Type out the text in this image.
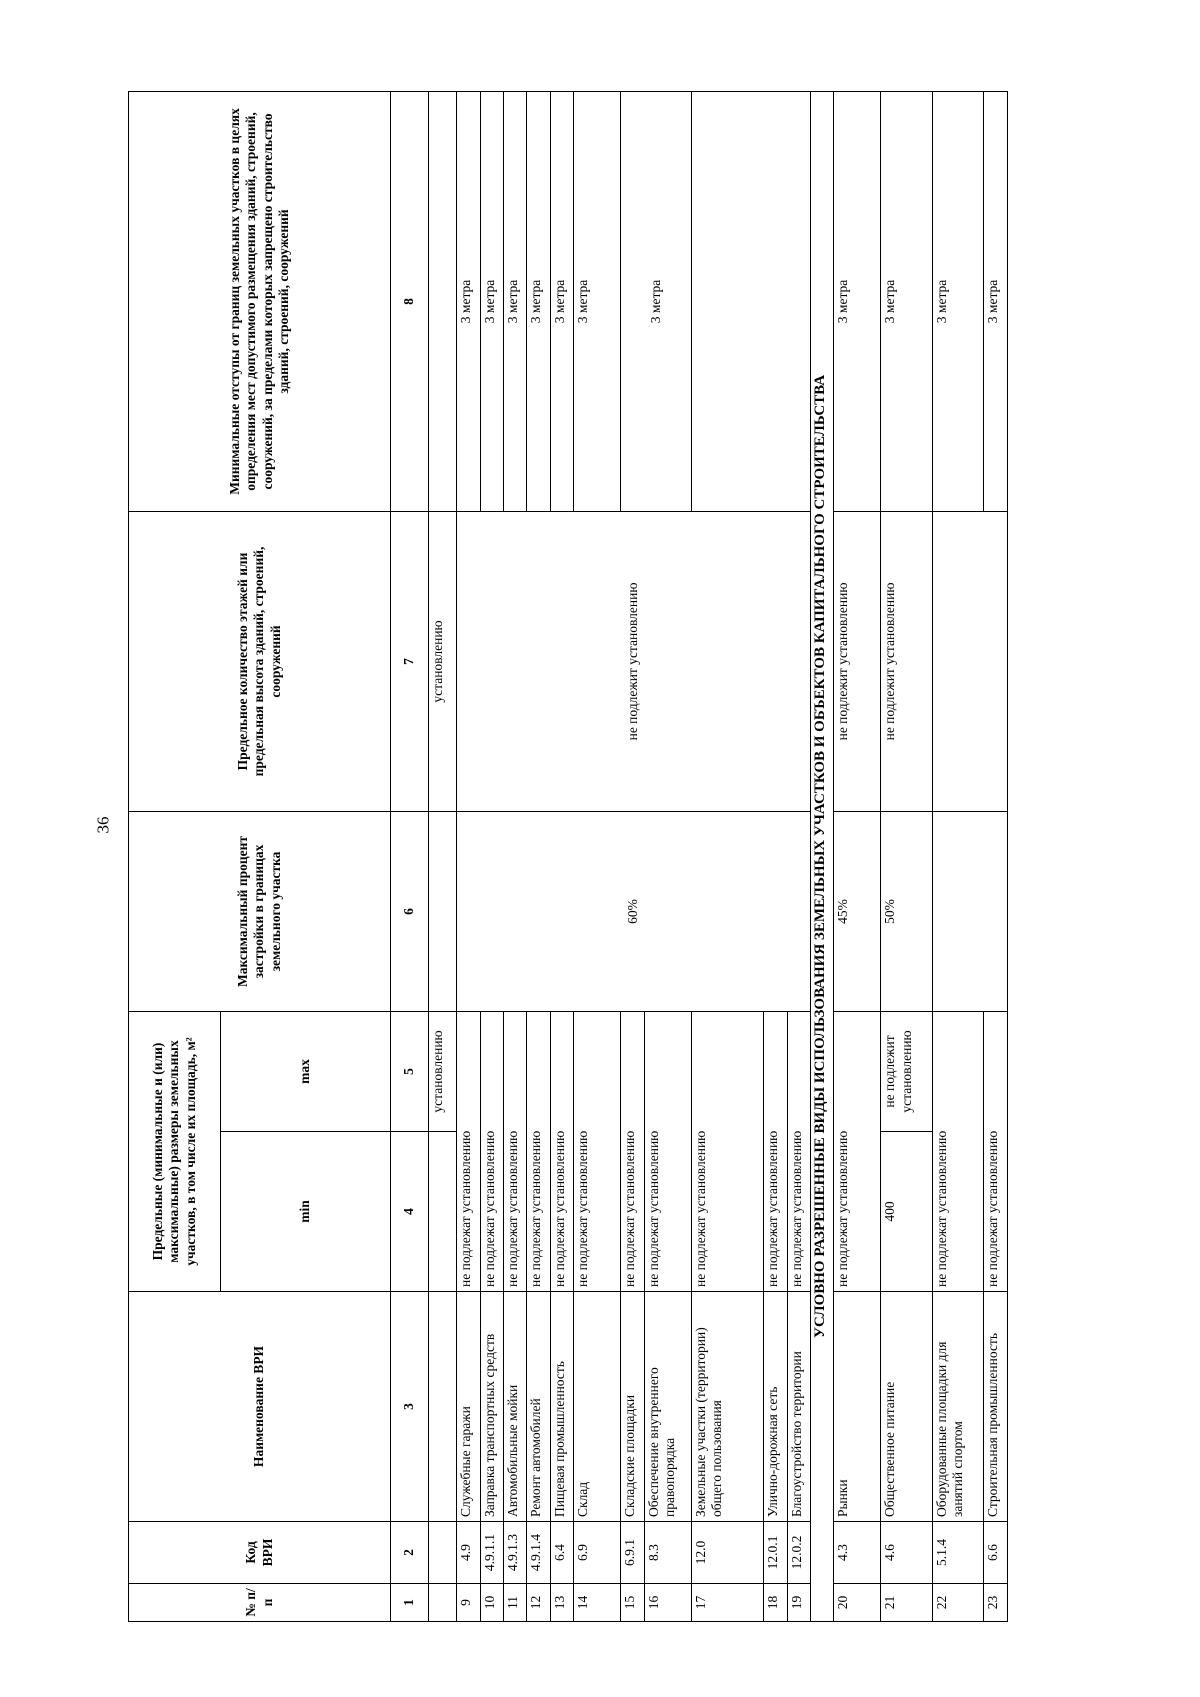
36
№ п/п	Код ВРИ	Наименование ВРИ	Предельные (минимальные и (или) максимальные) размеры земельных участков, в том числе их площадь, м²		Максимальный процент застройки в границах земельного участка	Предельное количество этажей или предельная высота зданий, строений, сооружений	Минимальные отступы от границ земельных участков в целях определения мест допустимого размещения зданий, строений, сооружений, за пределами которых запрещено строительство зданий, строений, сооружений
			min	max			
1	2	3	4	5	6	7	8
				установлению		установлению	
9	4.9	Служебные гаражи	не подлежат установлению		60%	не подлежит установлению	3 метра
10	4.9.1.1	Заправка транспортных средств	не подлежат установлению				3 метра
11	4.9.1.3	Автомобильные мойки	не подлежат установлению				3 метра
12	4.9.1.4	Ремонт автомобилей	не подлежат установлению				3 метра
13	6.4	Пищевая промышленность	не подлежат установлению				3 метра
14	6.9	Склад	не подлежат установлению				3 метра
15	6.9.1	Складские площадки	не подлежат установлению				3 метра
16	8.3	Обеспечение внутреннего правопорядка	не подлежат установлению				
17	12.0	Земельные участки (территории) общего пользования	не подлежат установлению				
18	12.0.1	Улично-дорожная сеть	не подлежат установлению				
19	12.0.2	Благоустройство территории	не подлежат установлению				
УСЛОВНО РАЗРЕШЕННЫЕ ВИДЫ ИСПОЛЬЗОВАНИЯ ЗЕМЕЛЬНЫХ УЧАСТКОВ И ОБЪЕКТОВ КАПИТАЛЬНОГО СТРОИТЕЛЬСТВА							
20	4.3	Рынки	не подлежат установлению		45%	не подлежит установлению	3 метра
21	4.6	Общественное питание	400	не подлежит установлению	50%	не подлежит установлению	3 метра
22	5.1.4	Оборудованные площадки для занятий спортом	не подлежат установлению				3 метра
23	6.6	Строительная промышленность	не подлежат установлению				3 метра
